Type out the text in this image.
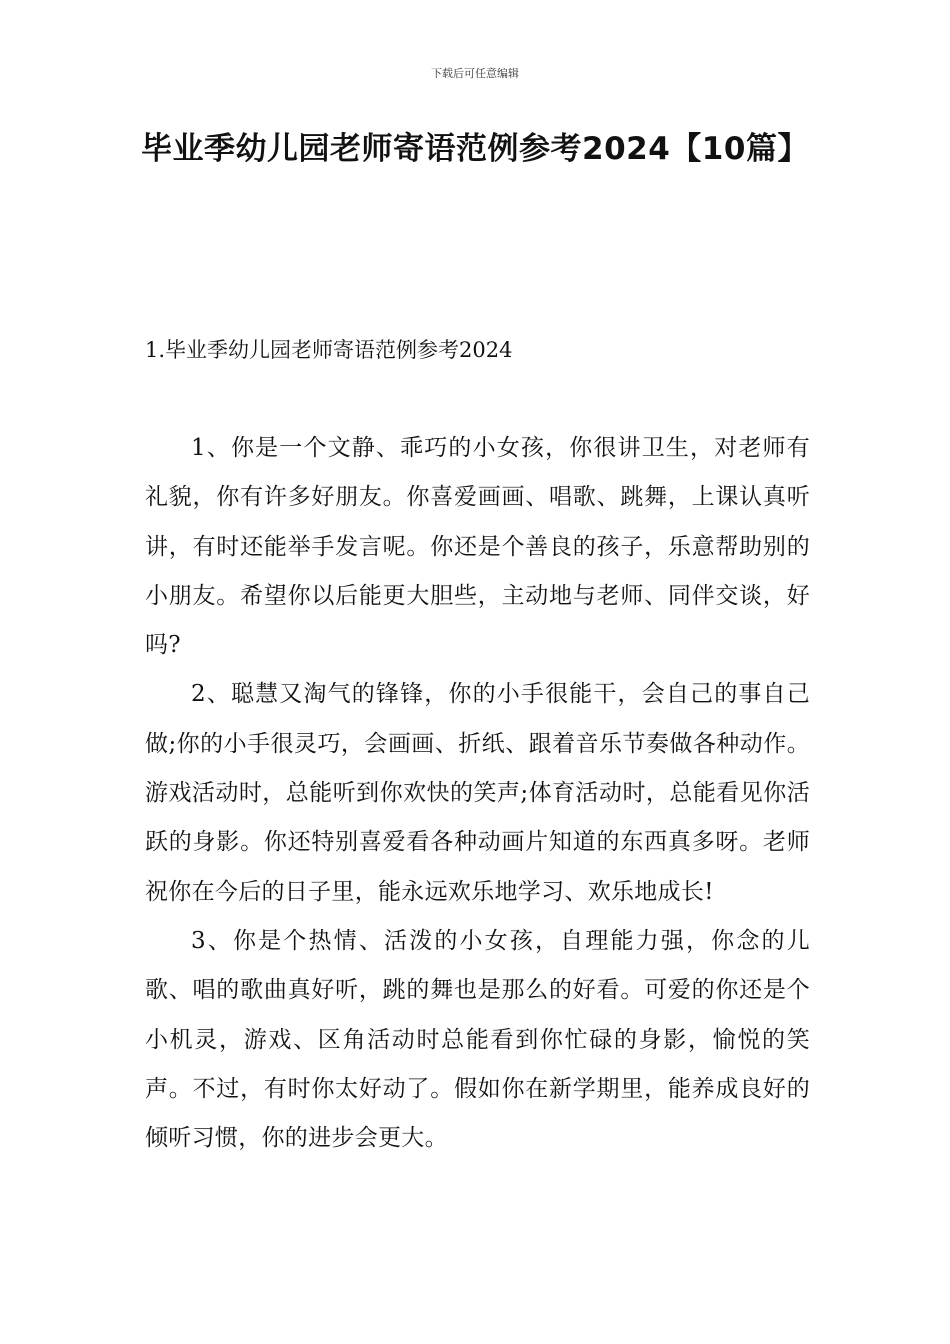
下载后可任意编辑
毕业季幼儿园老师寄语范例参考2024【10篇】
1.毕业季幼儿园老师寄语范例参考2024

1、你是一个文静、乖巧的小女孩，你很讲卫生，对老师有礼貌，你有许多好朋友。你喜爱画画、唱歌、跳舞，上课认真听讲，有时还能举手发言呢。你还是个善良的孩子，乐意帮助别的小朋友。希望你以后能更大胆些，主动地与老师、同伴交谈，好吗?

2、聪慧又淘气的锋锋，你的小手很能干，会自己的事自己做;你的小手很灵巧，会画画、折纸、跟着音乐节奏做各种动作。游戏活动时，总能听到你欢快的笑声;体育活动时，总能看见你活跃的身影。你还特别喜爱看各种动画片知道的东西真多呀。老师祝你在今后的日子里，能永远欢乐地学习、欢乐地成长!

3、你是个热情、活泼的小女孩，自理能力强，你念的儿歌、唱的歌曲真好听，跳的舞也是那么的好看。可爱的你还是个小机灵，游戏、区角活动时总能看到你忙碌的身影，愉悦的笑声。不过，有时你太好动了。假如你在新学期里，能养成良好的倾听习惯，你的进步会更大。
